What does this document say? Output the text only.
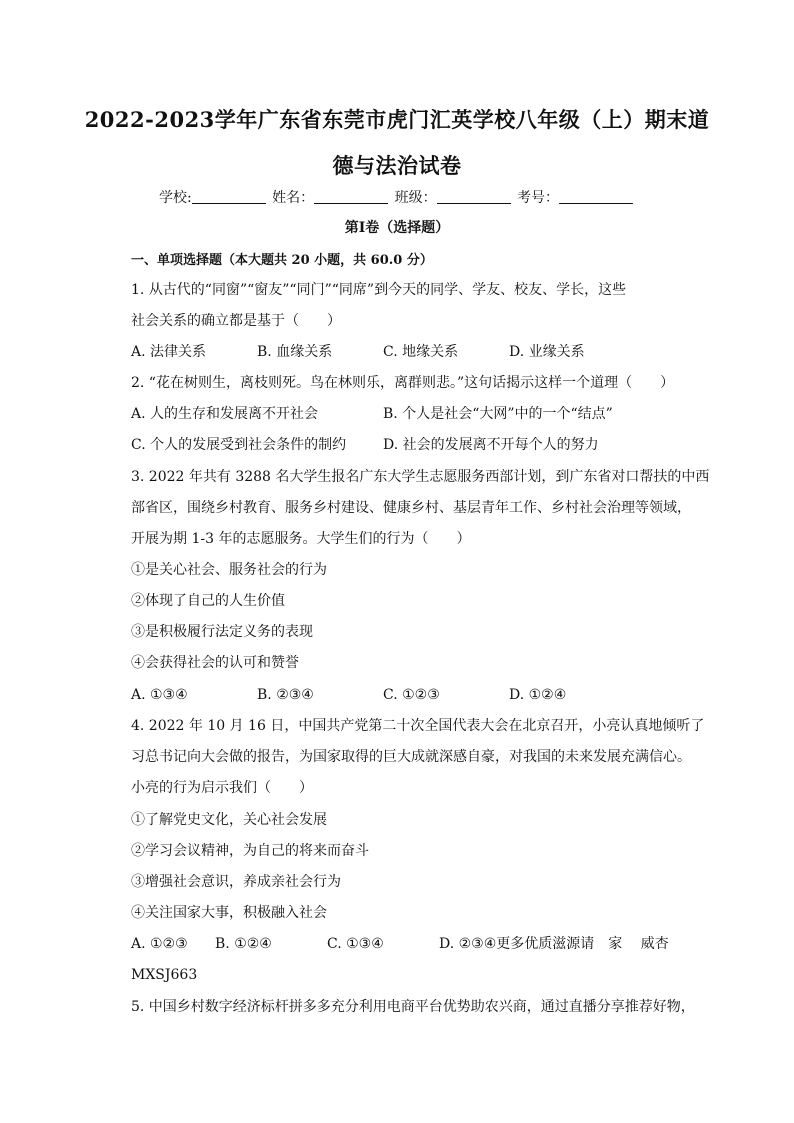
2022-2023学年广东省东莞市虎门汇英学校八年级（上）期末道
德与法治试卷
学校:	姓名：	班级：	考号：
第Ⅰ卷（选择题）
一、单项选择题（本大题共 20 小题，共 60.0 分）
1. 从古代的“同窗”“窗友”“同门”“同席”到今天的同学、学友、校友、学长，这些
社会关系的确立都是基于（　　）
A. 法律关系	B. 血缘关系	C. 地缘关系	D. 业缘关系
2. “花在树则生，离枝则死。鸟在林则乐，离群则悲。”这句话揭示这样一个道理（　　）
A. 人的生存和发展离不开社会	B. 个人是社会“大网”中的一个“结点”
C. 个人的发展受到社会条件的制约	D. 社会的发展离不开每个人的努力
3. 2022 年共有 3288 名大学生报名广东大学生志愿服务西部计划，到广东省对口帮扶的中西
部省区，围绕乡村教育、服务乡村建设、健康乡村、基层青年工作、乡村社会治理等领域，
开展为期 1-3 年的志愿服务。大学生们的行为（　　）
①是关心社会、服务社会的行为
②体现了自己的人生价值
③是积极履行法定义务的表现
④会获得社会的认可和赞誉
A. ①③④	B. ②③④	C. ①②③	D. ①②④
4. 2022 年 10 月 16 日，中国共产党第二十次全国代表大会在北京召开，小亮认真地倾听了
习总书记向大会做的报告，为国家取得的巨大成就深感自豪，对我国的未来发展充满信心。
小亮的行为启示我们（　　）
①了解党史文化，关心社会发展
②学习会议精神，为自己的将来而奋斗
③增强社会意识，养成亲社会行为
④关注国家大事，积极融入社会
A. ①②③ B. ①②④	C. ①③④	D. ②③④更多优质滋源请　家　 威杏
MXSJ663
5. 中国乡村数字经济标杆拼多多充分利用电商平台优势助农兴商，通过直播分享推荐好物，
